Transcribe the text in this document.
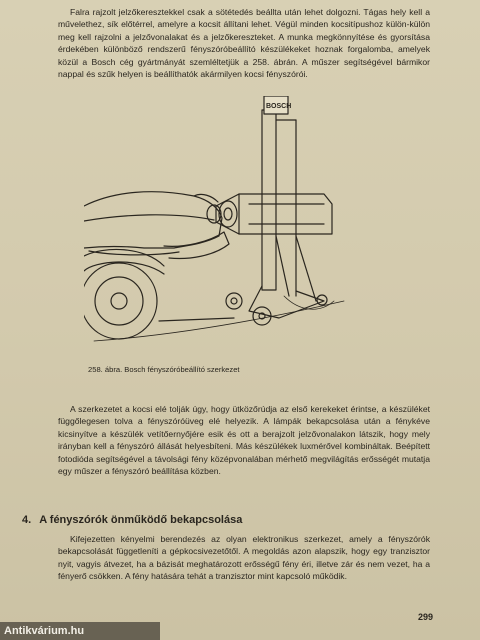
Falra rajzolt jelzőkeresztekkel csak a sötétedés beállta után lehet dolgozni. Tágas hely kell a művelethez, sík előtérrel, amelyre a kocsit állítani lehet. Végül minden kocsitípushoz külön-külön meg kell rajzolni a jelzővonalakat és a jelzőkereszteket. A munka megkönnyítése és gyorsítása érdekében különböző rendszerű fényszóróbeállító készülékeket hoznak forgalomba, amelyek közül a Bosch cég gyártmányát szemléltetjük a 258. ábrán. A műszer segítségével bármikor nappal és szűk helyen is beállíthatók akármilyen kocsi fényszórói.

BOSCH
258. ábra. Bosch fényszóróbeállító szerkezet

A szerkezetet a kocsi elé tolják úgy, hogy ütközőrúdja az első kerekeket érintse, a készüléket függőlegesen tolva a fényszóróüveg elé helyezik. A lámpák bekapcsolása után a fénykéve kicsinyítve a készülék vetítőernyőjére esik és ott a berajzolt jelzővonalakon látszik, hogy mely irányban kell a fényszóró állását helyesbíteni. Más készülékek luxmérővel kombináltak. Beépített fotodióda segítségével a távolsági fény középvonalában mérhető megvilágítás erősségét mutatja egy műszer a fényszóró beállítása közben.

4. A fényszórók önműködő bekapcsolása

Kifejezetten kényelmi berendezés az olyan elektronikus szerkezet, amely a fényszórók bekapcsolását függetleníti a gépkocsivezetőtől. A megoldás azon alapszik, hogy egy tranzisztor nyit, vagyis átvezet, ha a bázisát meghatározott erősségű fény éri, illetve zár és nem vezet, ha a fényerő csökken. A fény hatására tehát a tranzisztor mint kapcsoló működik.

299
Antikvárium.hu
